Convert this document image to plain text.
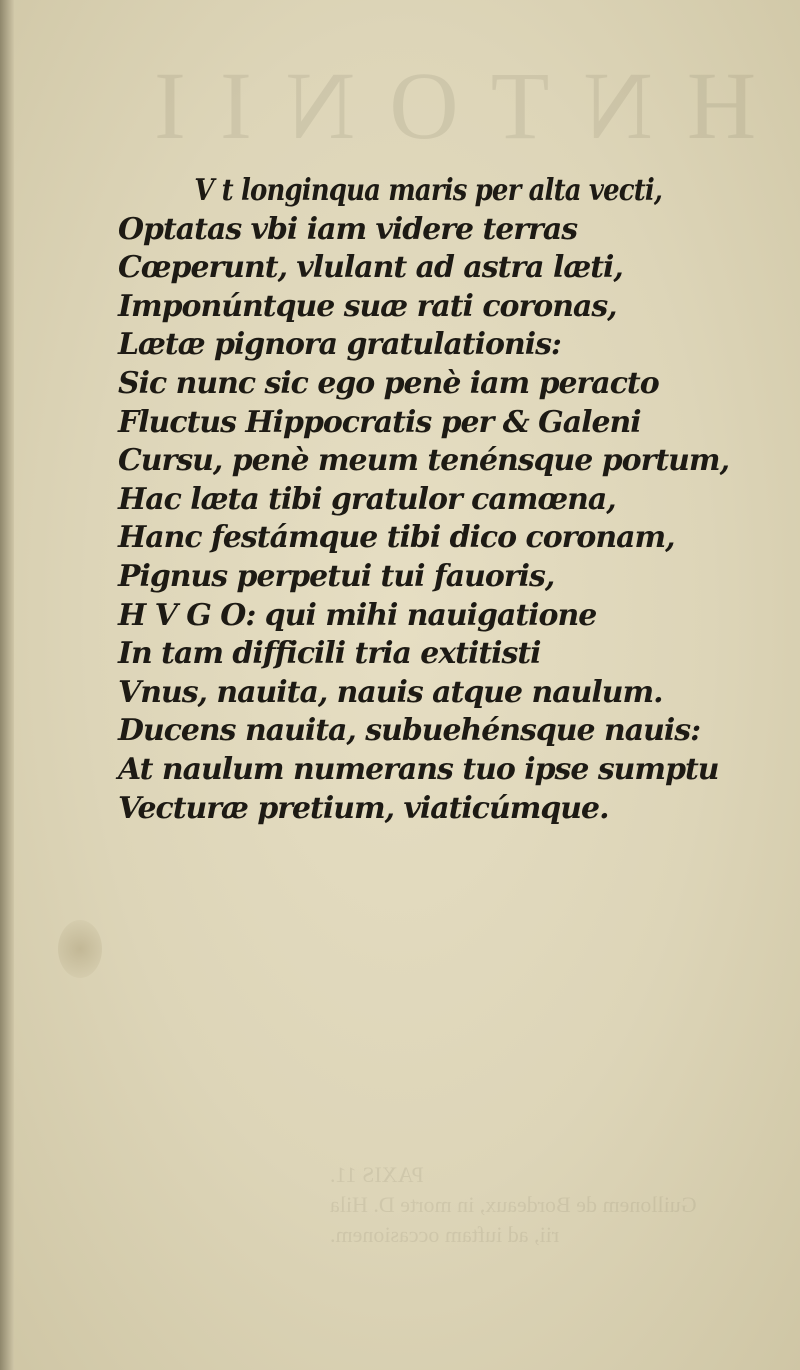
HNTONII
PAXIS 11.
Guillonem de Bordeaux, in morte D. Hila
rii, ad iuftam occasionem.
V t longinqua maris per alta vecti,
Optatas vbi iam videre terras
Cœperunt, vlulant ad astra læti,
Imponúntque suæ rati coronas,
Lætæ pignora gratulationis:
Sic nunc sic ego penè iam peracto
Fluctus Hippocratis per & Galeni
Cursu, penè meum tenénsque portum,
Hac læta tibi gratulor camœna,
Hanc festámque tibi dico coronam,
Pignus perpetui tui fauoris,
H V G O: qui mihi nauigatione
In tam difficili tria extitisti
Vnus, nauita, nauis atque naulum.
Ducens nauita, subuehénsque nauis:
At naulum numerans tuo ipse sumptu
Vecturæ pretium, viaticúmque.
